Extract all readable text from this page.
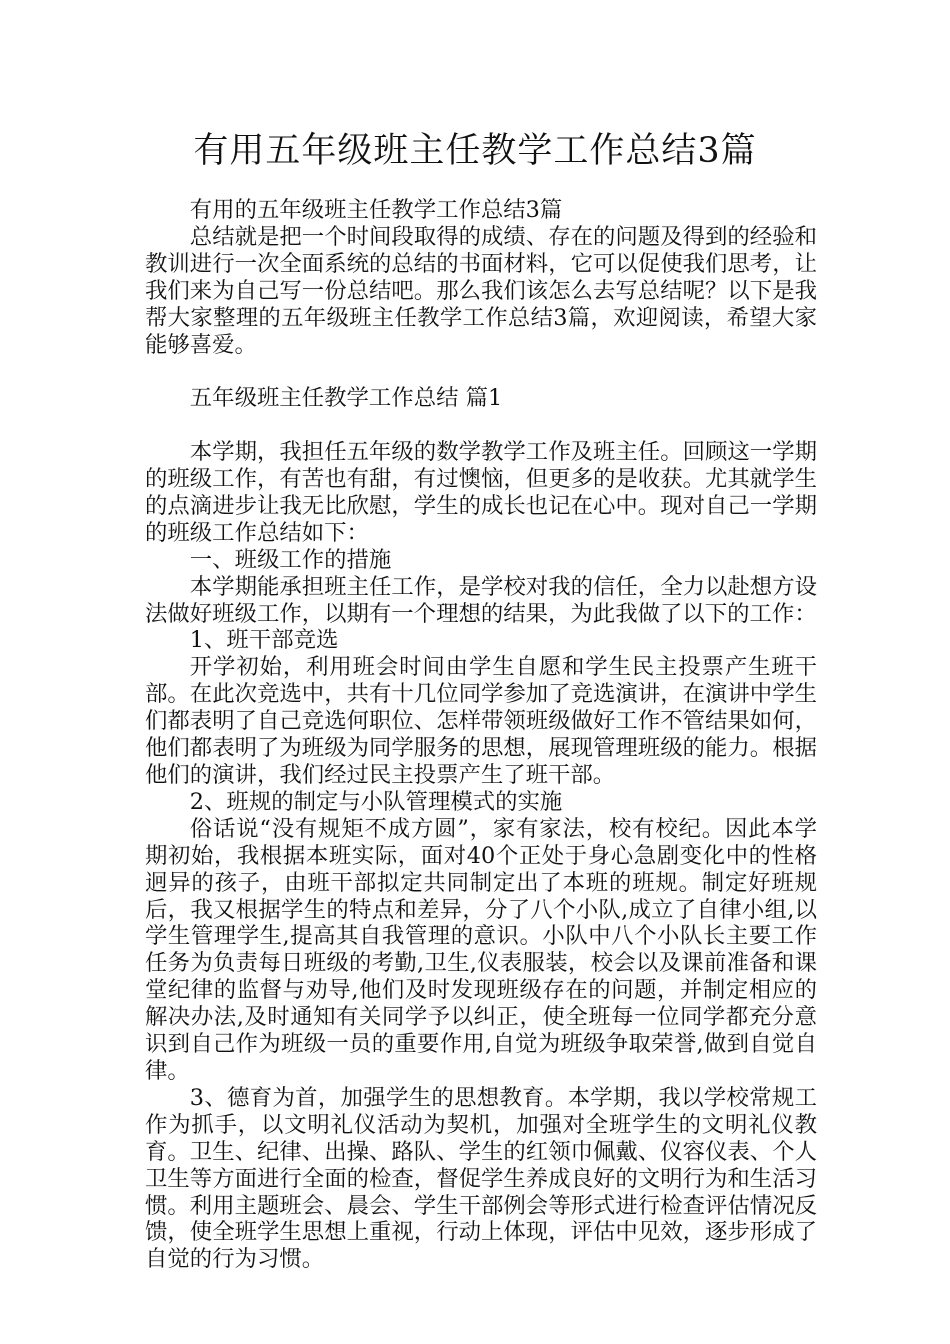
有用五年级班主任教学工作总结3篇

有用的五年级班主任教学工作总结3篇

总结就是把一个时间段取得的成绩、存在的问题及得到的经验和教训进行一次全面系统的总结的书面材料，它可以促使我们思考，让我们来为自己写一份总结吧。那么我们该怎么去写总结呢？以下是我帮大家整理的五年级班主任教学工作总结3篇，欢迎阅读，希望大家能够喜爱。

五年级班主任教学工作总结 篇1

本学期，我担任五年级的数学教学工作及班主任。回顾这一学期的班级工作，有苦也有甜，有过懊恼，但更多的是收获。尤其就学生的点滴进步让我无比欣慰，学生的成长也记在心中。现对自己一学期的班级工作总结如下：

一、班级工作的措施

本学期能承担班主任工作，是学校对我的信任，全力以赴想方设法做好班级工作，以期有一个理想的结果，为此我做了以下的工作：

1、班干部竞选

开学初始，利用班会时间由学生自愿和学生民主投票产生班干部。在此次竞选中，共有十几位同学参加了竞选演讲，在演讲中学生们都表明了自己竞选何职位、怎样带领班级做好工作不管结果如何，他们都表明了为班级为同学服务的思想，展现管理班级的能力。根据他们的演讲，我们经过民主投票产生了班干部。

2、班规的制定与小队管理模式的实施

俗话说“没有规矩不成方圆”，家有家法，校有校纪。因此本学期初始，我根据本班实际，面对40个正处于身心急剧变化中的性格迥异的孩子，由班干部拟定共同制定出了本班的班规。制定好班规后，我又根据学生的特点和差异，分了八个小队,成立了自律小组,以学生管理学生,提高其自我管理的意识。小队中八个小队长主要工作任务为负责每日班级的考勤,卫生,仪表服装，校会以及课前准备和课堂纪律的监督与劝导,他们及时发现班级存在的问题，并制定相应的解决办法,及时通知有关同学予以纠正，使全班每一位同学都充分意识到自己作为班级一员的重要作用,自觉为班级争取荣誉,做到自觉自律。

3、德育为首，加强学生的思想教育。本学期，我以学校常规工作为抓手，以文明礼仪活动为契机，加强对全班学生的文明礼仪教育。卫生、纪律、出操、路队、学生的红领巾佩戴、仪容仪表、个人卫生等方面进行全面的检查，督促学生养成良好的文明行为和生活习惯。利用主题班会、晨会、学生干部例会等形式进行检查评估情况反馈，使全班学生思想上重视，行动上体现，评估中见效，逐步形成了自觉的行为习惯。
